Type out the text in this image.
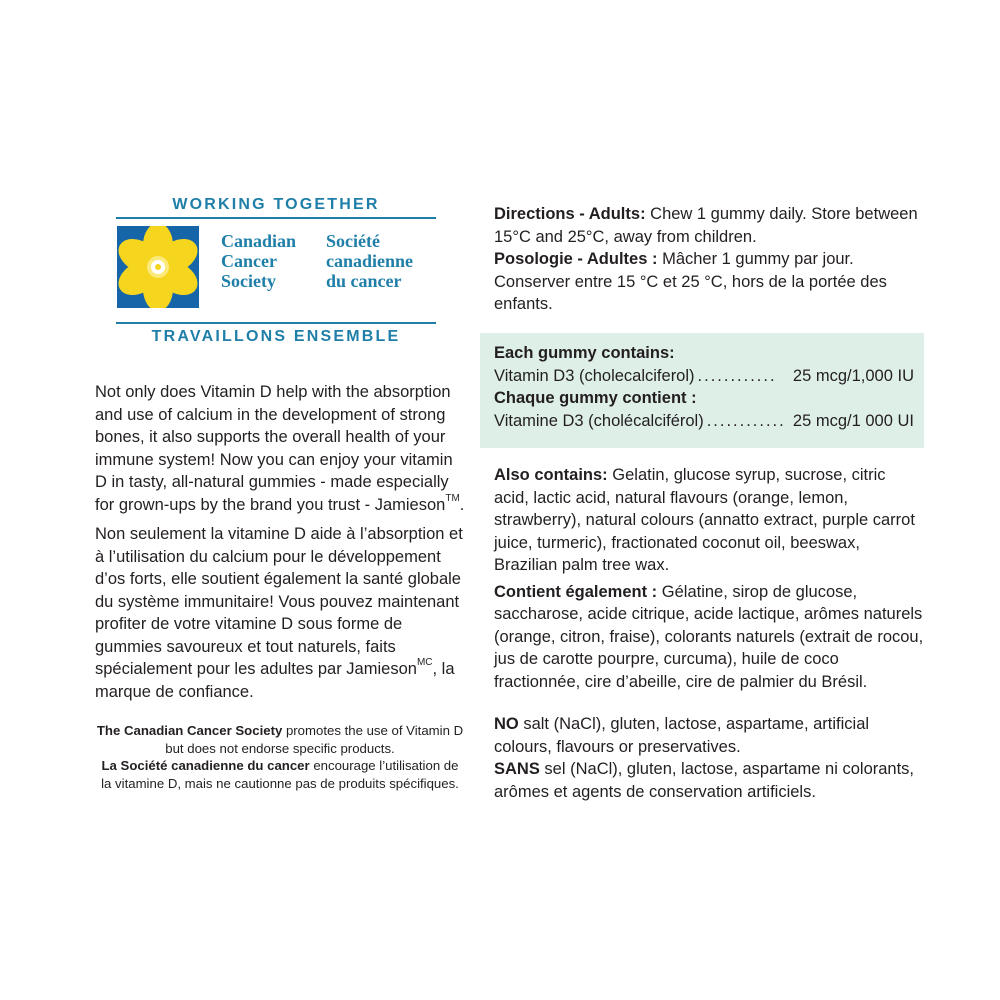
WORKING TOGETHER
Canadian
Cancer
Society
Société
canadienne
du cancer
TRAVAILLONS ENSEMBLE

Not only does Vitamin D help with the absorption and use of calcium in the development of strong bones, it also supports the overall health of your immune system! Now you can enjoy your vitamin D in tasty, all-natural gummies - made especially for grown-ups by the brand you trust - Jamieson™.

Non seulement la vitamine D aide à l’absorption et à l’utilisation du calcium pour le développement d’os forts, elle soutient également la santé globale du système immunitaire! Vous pouvez maintenant profiter de votre vitamine D sous forme de gummies savoureux et tout naturels, faits spécialement pour les adultes par Jamieson$^{MC}$, la marque de confiance.

The Canadian Cancer Society promotes the use of Vitamin D but does not endorse specific products.

La Société canadienne du cancer encourage l’utilisation de la vitamine D, mais ne cautionne pas de produits spécifiques.

Directions - Adults: Chew 1 gummy daily. Store between 15°C and 25°C, away from children.

Posologie - Adultes : Mâcher 1 gummy par jour. Conserver entre 15 °C et 25 °C, hors de la portée des enfants.

Each gummy contains:
Vitamin D3 (cholecalciferol) ............ 25 mcg/1,000 IU
Chaque gummy contient :
Vitamine D3 (cholécalciférol) ............ 25 mcg/1 000 UI

Also contains: Gelatin, glucose syrup, sucrose, citric acid, lactic acid, natural flavours (orange, lemon, strawberry), natural colours (annatto extract, purple carrot juice, turmeric), fractionated coconut oil, beeswax, Brazilian palm tree wax.

Contient également : Gélatine, sirop de glucose, saccharose, acide citrique, acide lactique, arômes naturels (orange, citron, fraise), colorants naturels (extrait de rocou, jus de carotte pourpre, curcuma), huile de coco fractionnée, cire d’abeille, cire de palmier du Brésil.

NO salt (NaCl), gluten, lactose, aspartame, artificial colours, flavours or preservatives.

SANS sel (NaCl), gluten, lactose, aspartame ni colorants, arômes et agents de conservation artificiels.
